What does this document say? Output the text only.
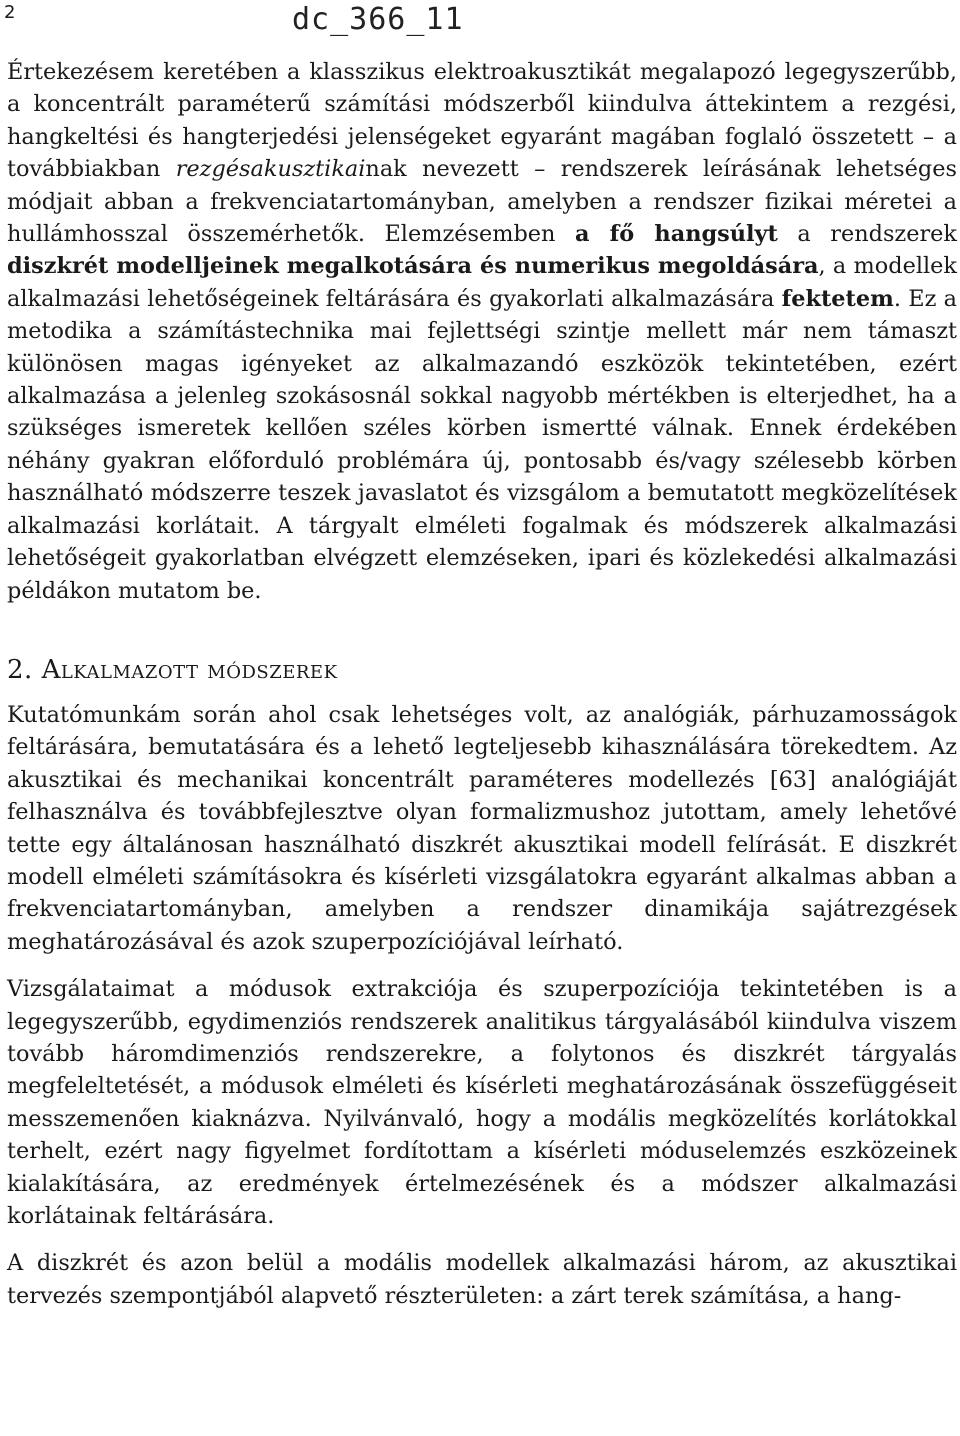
2	dc_366_11

Értekezésem keretében a klasszikus elektroakusztikát megalapozó legegyszerűbb, a koncentrált paraméterű számítási módszerből kiindulva áttekintem a rezgési, hangkeltési és hangterjedési jelenségeket egyaránt magában foglaló összetett – a továbbiakban rezgésakusztikainak nevezett – rendszerek leírásának lehetséges módjait abban a frekvenciatartományban, amelyben a rendszer fizikai méretei a hullámhosszal összemérhetők. Elemzésemben a fő hangsúlyt a rendszerek diszkrét modelljeinek megalkotására és numerikus megoldására, a modellek alkalmazási lehetőségeinek feltárására és gyakorlati alkalmazására fektetem. Ez a metodika a számítástechnika mai fejlettségi szintje mellett már nem támaszt különösen magas igényeket az alkalmazandó eszközök tekintetében, ezért alkalmazása a jelenleg szokásosnál sokkal nagyobb mértékben is elterjedhet, ha a szükséges ismeretek kellően széles körben ismertté válnak. Ennek érdekében néhány gyakran előforduló problémára új, pontosabb és/vagy szélesebb körben használható módszerre teszek javaslatot és vizsgálom a bemutatott megközelítések alkalmazási korlátait. A tárgyalt elméleti fogalmak és módszerek alkalmazási lehetőségeit gyakorlatban elvégzett elemzéseken, ipari és közlekedési alkalmazási példákon mutatom be.

2. Alkalmazott módszerek

Kutatómunkám során ahol csak lehetséges volt, az analógiák, párhuzamosságok feltárására, bemutatására és a lehető legteljesebb kihasználására törekedtem. Az akusztikai és mechanikai koncentrált paraméteres modellezés [63] analógiáját felhasználva és továbbfejlesztve olyan formalizmushoz jutottam, amely lehetővé tette egy általánosan használható diszkrét akusztikai modell felírását. E diszkrét modell elméleti számításokra és kísérleti vizsgálatokra egyaránt alkalmas abban a frekvenciatartományban, amelyben a rendszer dinamikája sajátrezgések meghatározásával és azok szuperpozíciójával leírható.

Vizsgálataimat a módusok extrakciója és szuperpozíciója tekintetében is a legegyszerűbb, egydimenziós rendszerek analitikus tárgyalásából kiindulva viszem tovább háromdimenziós rendszerekre, a folytonos és diszkrét tárgyalás megfeleltetését, a módusok elméleti és kísérleti meghatározásának összefüggéseit messzemenően kiaknázva. Nyilvánvaló, hogy a modális megközelítés korlátokkal terhelt, ezért nagy figyelmet fordítottam a kísérleti móduselemzés eszközeinek kialakítására, az eredmények értelmezésének és a módszer alkalmazási korlátainak feltárására.

A diszkrét és azon belül a modális modellek alkalmazási három, az akusztikai tervezés szempontjából alapvető részterületen: a zárt terek számítása, a hang-
